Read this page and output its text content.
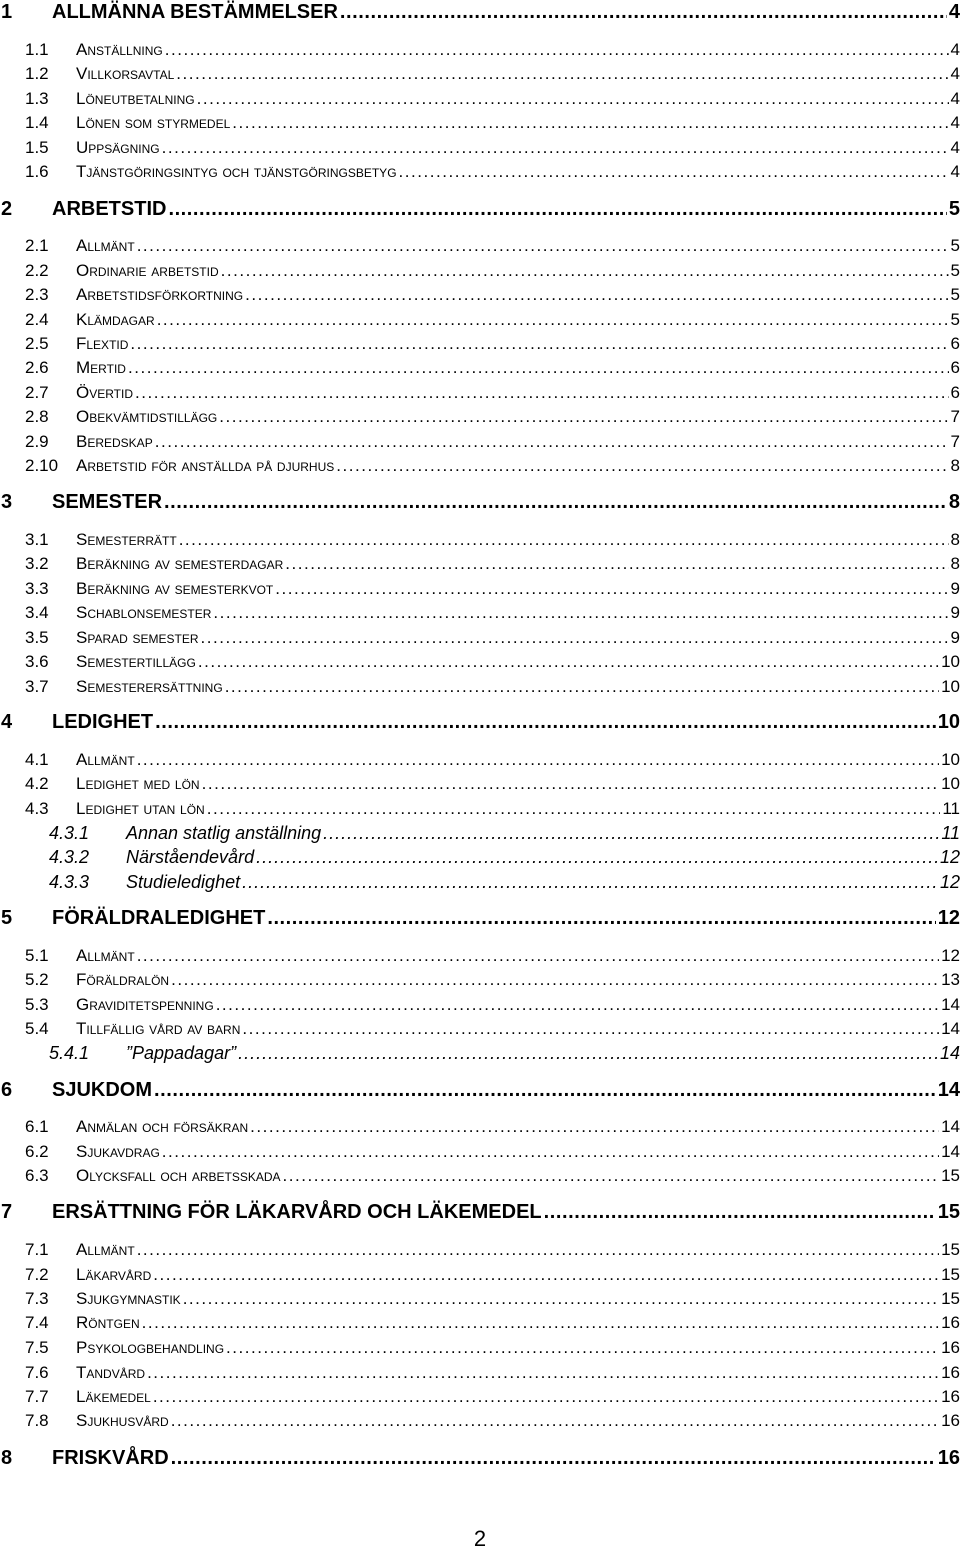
1	ALLMÄNNA BESTÄMMELSER . . .	4
1.1	Anställning . . .	4
1.2	Villkorsavtal . . .	4
1.3	Löneutbetalning . . .	4
1.4	Lönen som styrmedel . . .	4
1.5	Uppsägning . . .	4
1.6	Tjänstgöringsintyg och tjänstgöringsbetyg . . .	4
2	ARBETSTID . . .	5
2.1	Allmänt . . .	5
2.2	Ordinarie arbetstid . . .	5
2.3	Arbetstidsförkortning . . .	5
2.4	Klämdagar . . .	5
2.5	Flextid . . .	6
2.6	Mertid . . .	6
2.7	Övertid . . .	6
2.8	Obekvämtidstillägg . . .	7
2.9	Beredskap . . .	7
2.10	Arbetstid för anställda på djurhus . . .	8
3	SEMESTER . . .	8
3.1	Semesterrätt . . .	8
3.2	Beräkning av semesterdagar . . .	8
3.3	Beräkning av semesterkvot . . .	9
3.4	Schablonsemester . . .	9
3.5	Sparad semester . . .	9
3.6	Semestertillägg . . .	10
3.7	Semesterersättning . . .	10
4	LEDIGHET . . .	10
4.1	Allmänt . . .	10
4.2	Ledighet med lön . . .	10
4.3	Ledighet utan lön . . .	11
4.3.1	Annan statlig anställning . . .	11
4.3.2	Närståendevård . . .	12
4.3.3	Studieledighet . . .	12
5	FÖRÄLDRALEDIGHET . . .	12
5.1	Allmänt . . .	12
5.2	Föräldralön . . .	13
5.3	Graviditetspenning . . .	14
5.4	Tillfällig vård av barn . . .	14
5.4.1	”Pappadagar” . . .	14
6	SJUKDOM . . .	14
6.1	Anmälan och försäkran . . .	14
6.2	Sjukavdrag . . .	14
6.3	Olycksfall och arbetsskada . . .	15
7	ERSÄTTNING FÖR LÄKARVÅRD OCH LÄKEMEDEL . . .	15
7.1	Allmänt . . .	15
7.2	Läkarvård . . .	15
7.3	Sjukgymnastik . . .	15
7.4	Röntgen . . .	16
7.5	Psykologbehandling . . .	16
7.6	Tandvård . . .	16
7.7	Läkemedel . . .	16
7.8	Sjukhusvård . . .	16
8	FRISKVÅRD . . .	16
2
